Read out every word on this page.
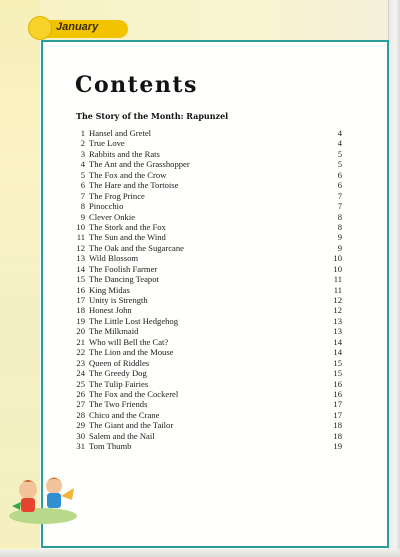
January
Contents
The Story of the Month: Rapunzel
1 Hansel and Gretel	4
2 True Love	4
3 Rabbits and the Rats	5
4 The Ant and the Grasshopper	5
5 The Fox and the Crow	6
6 The Hare and the Tortoise	6
7 The Frog Prince	7
8 Pinocchio	7
9 Clever Onkie	8
10 The Stork and the Fox	8
11 The Sun and the Wind	9
12 The Oak and the Sugarcane	9
13 Wild Blossom	10
14 The Foolish Farmer	10
15 The Dancing Teapot	11
16 King Midas	11
17 Unity is Strength	12
18 Honest John	12
19 The Little Lost Hedgehog	13
20 The Milkmaid	13
21 Who will Bell the Cat?	14
22 The Lion and the Mouse	14
23 Queen of Riddles	15
24 The Greedy Dog	15
25 The Tulip Fairies	16
26 The Fox and the Cockerel	16
27 The Two Friends	17
28 Chico and the Crane	17
29 The Giant and the Tailor	18
30 Salem and the Nail	18
31 Tom Thumb	19
